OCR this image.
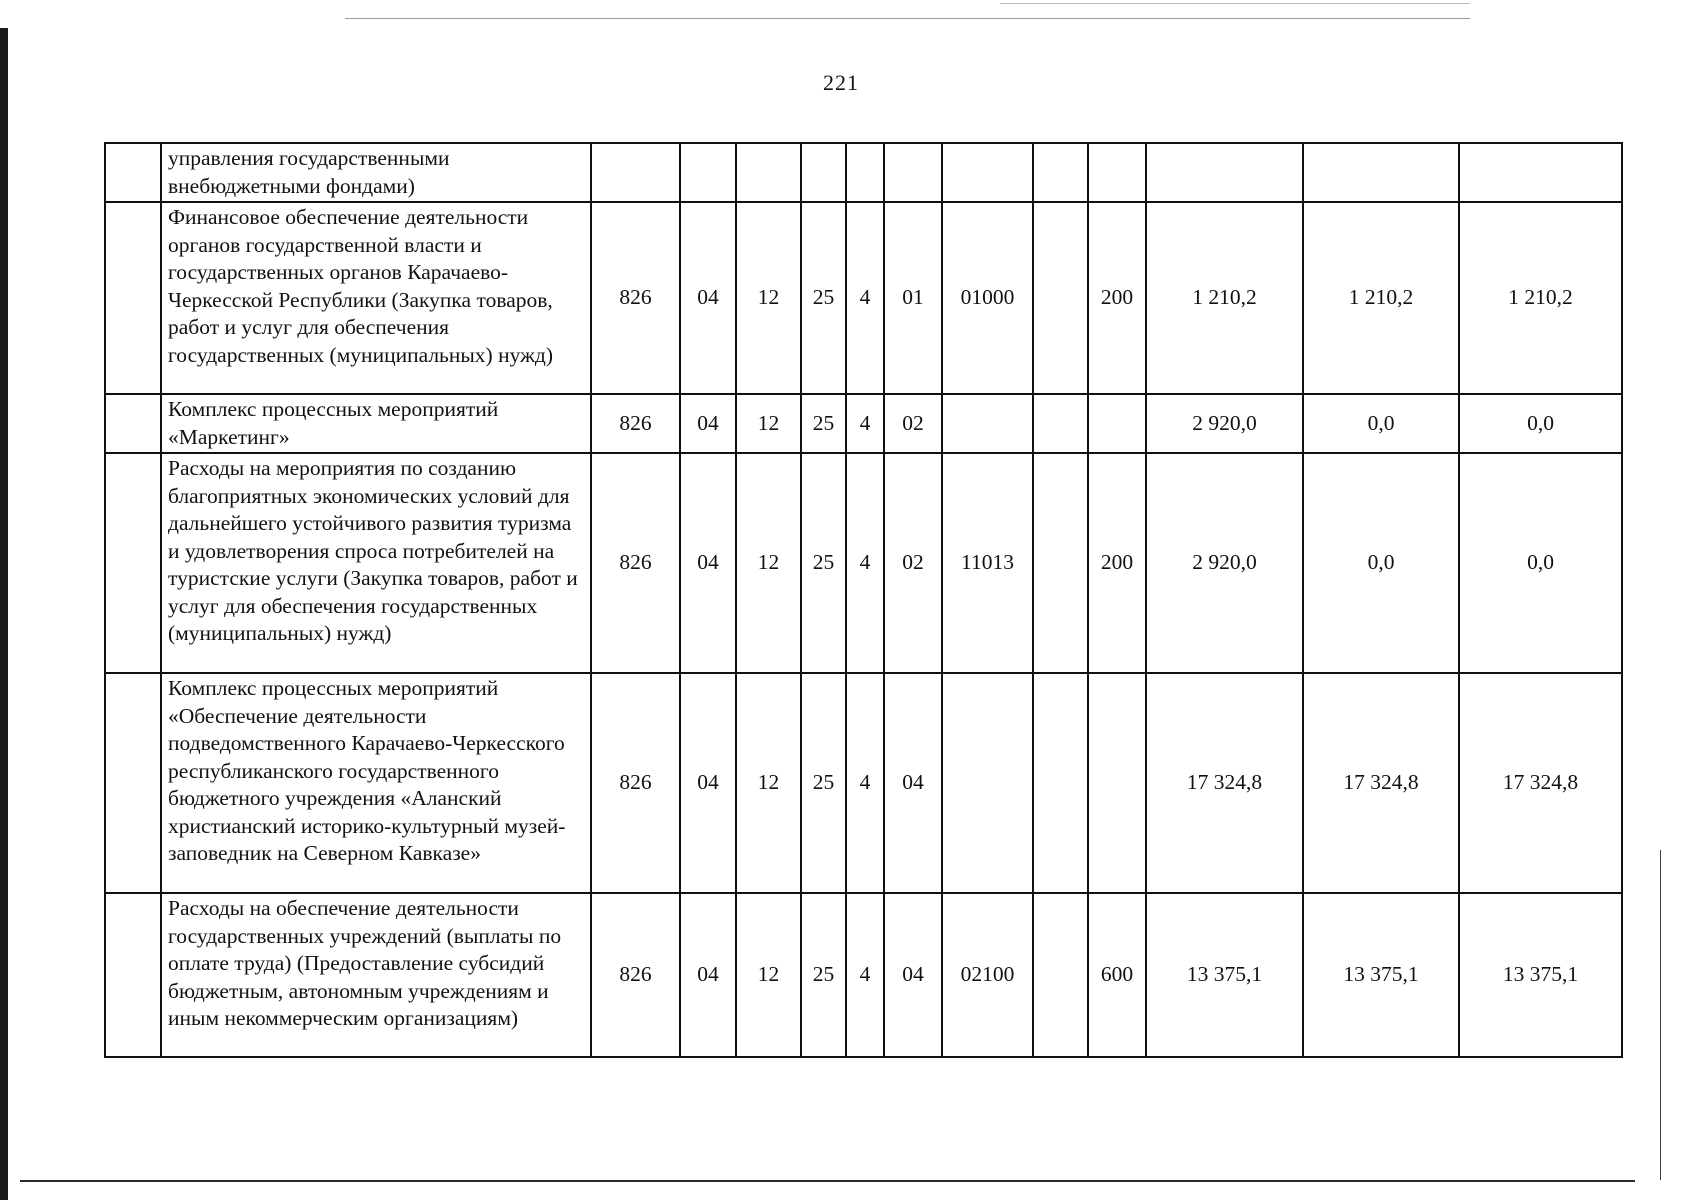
221
	управления государственными внебюджетными фондами)												
	Финансовое обеспечение деятельности органов государственной власти и государственных органов Карачаево-Черкесской Республики (Закупка товаров, работ и услуг для обеспечения государственных (муниципальных) нужд)	826	04	12	25	4	01	01000		200	1 210,2	1 210,2	1 210,2
	Комплекс процессных мероприятий «Маркетинг»	826	04	12	25	4	02				2 920,0	0,0	0,0
	Расходы на мероприятия по созданию благоприятных экономических условий для дальнейшего устойчивого развития туризма и удовлетворения спроса потребителей на туристские услуги (Закупка товаров, работ и услуг для обеспечения государственных (муниципальных) нужд)	826	04	12	25	4	02	11013		200	2 920,0	0,0	0,0
	Комплекс процессных мероприятий «Обеспечение деятельности подведомственного Карачаево-Черкесского республиканского государственного бюджетного учреждения «Аланский христианский историко-культурный музей-заповедник на Северном Кавказе»	826	04	12	25	4	04				17 324,8	17 324,8	17 324,8
	Расходы на обеспечение деятельности государственных учреждений (выплаты по оплате труда) (Предоставление субсидий бюджетным, автономным учреждениям и иным некоммерческим организациям)	826	04	12	25	4	04	02100		600	13 375,1	13 375,1	13 375,1
